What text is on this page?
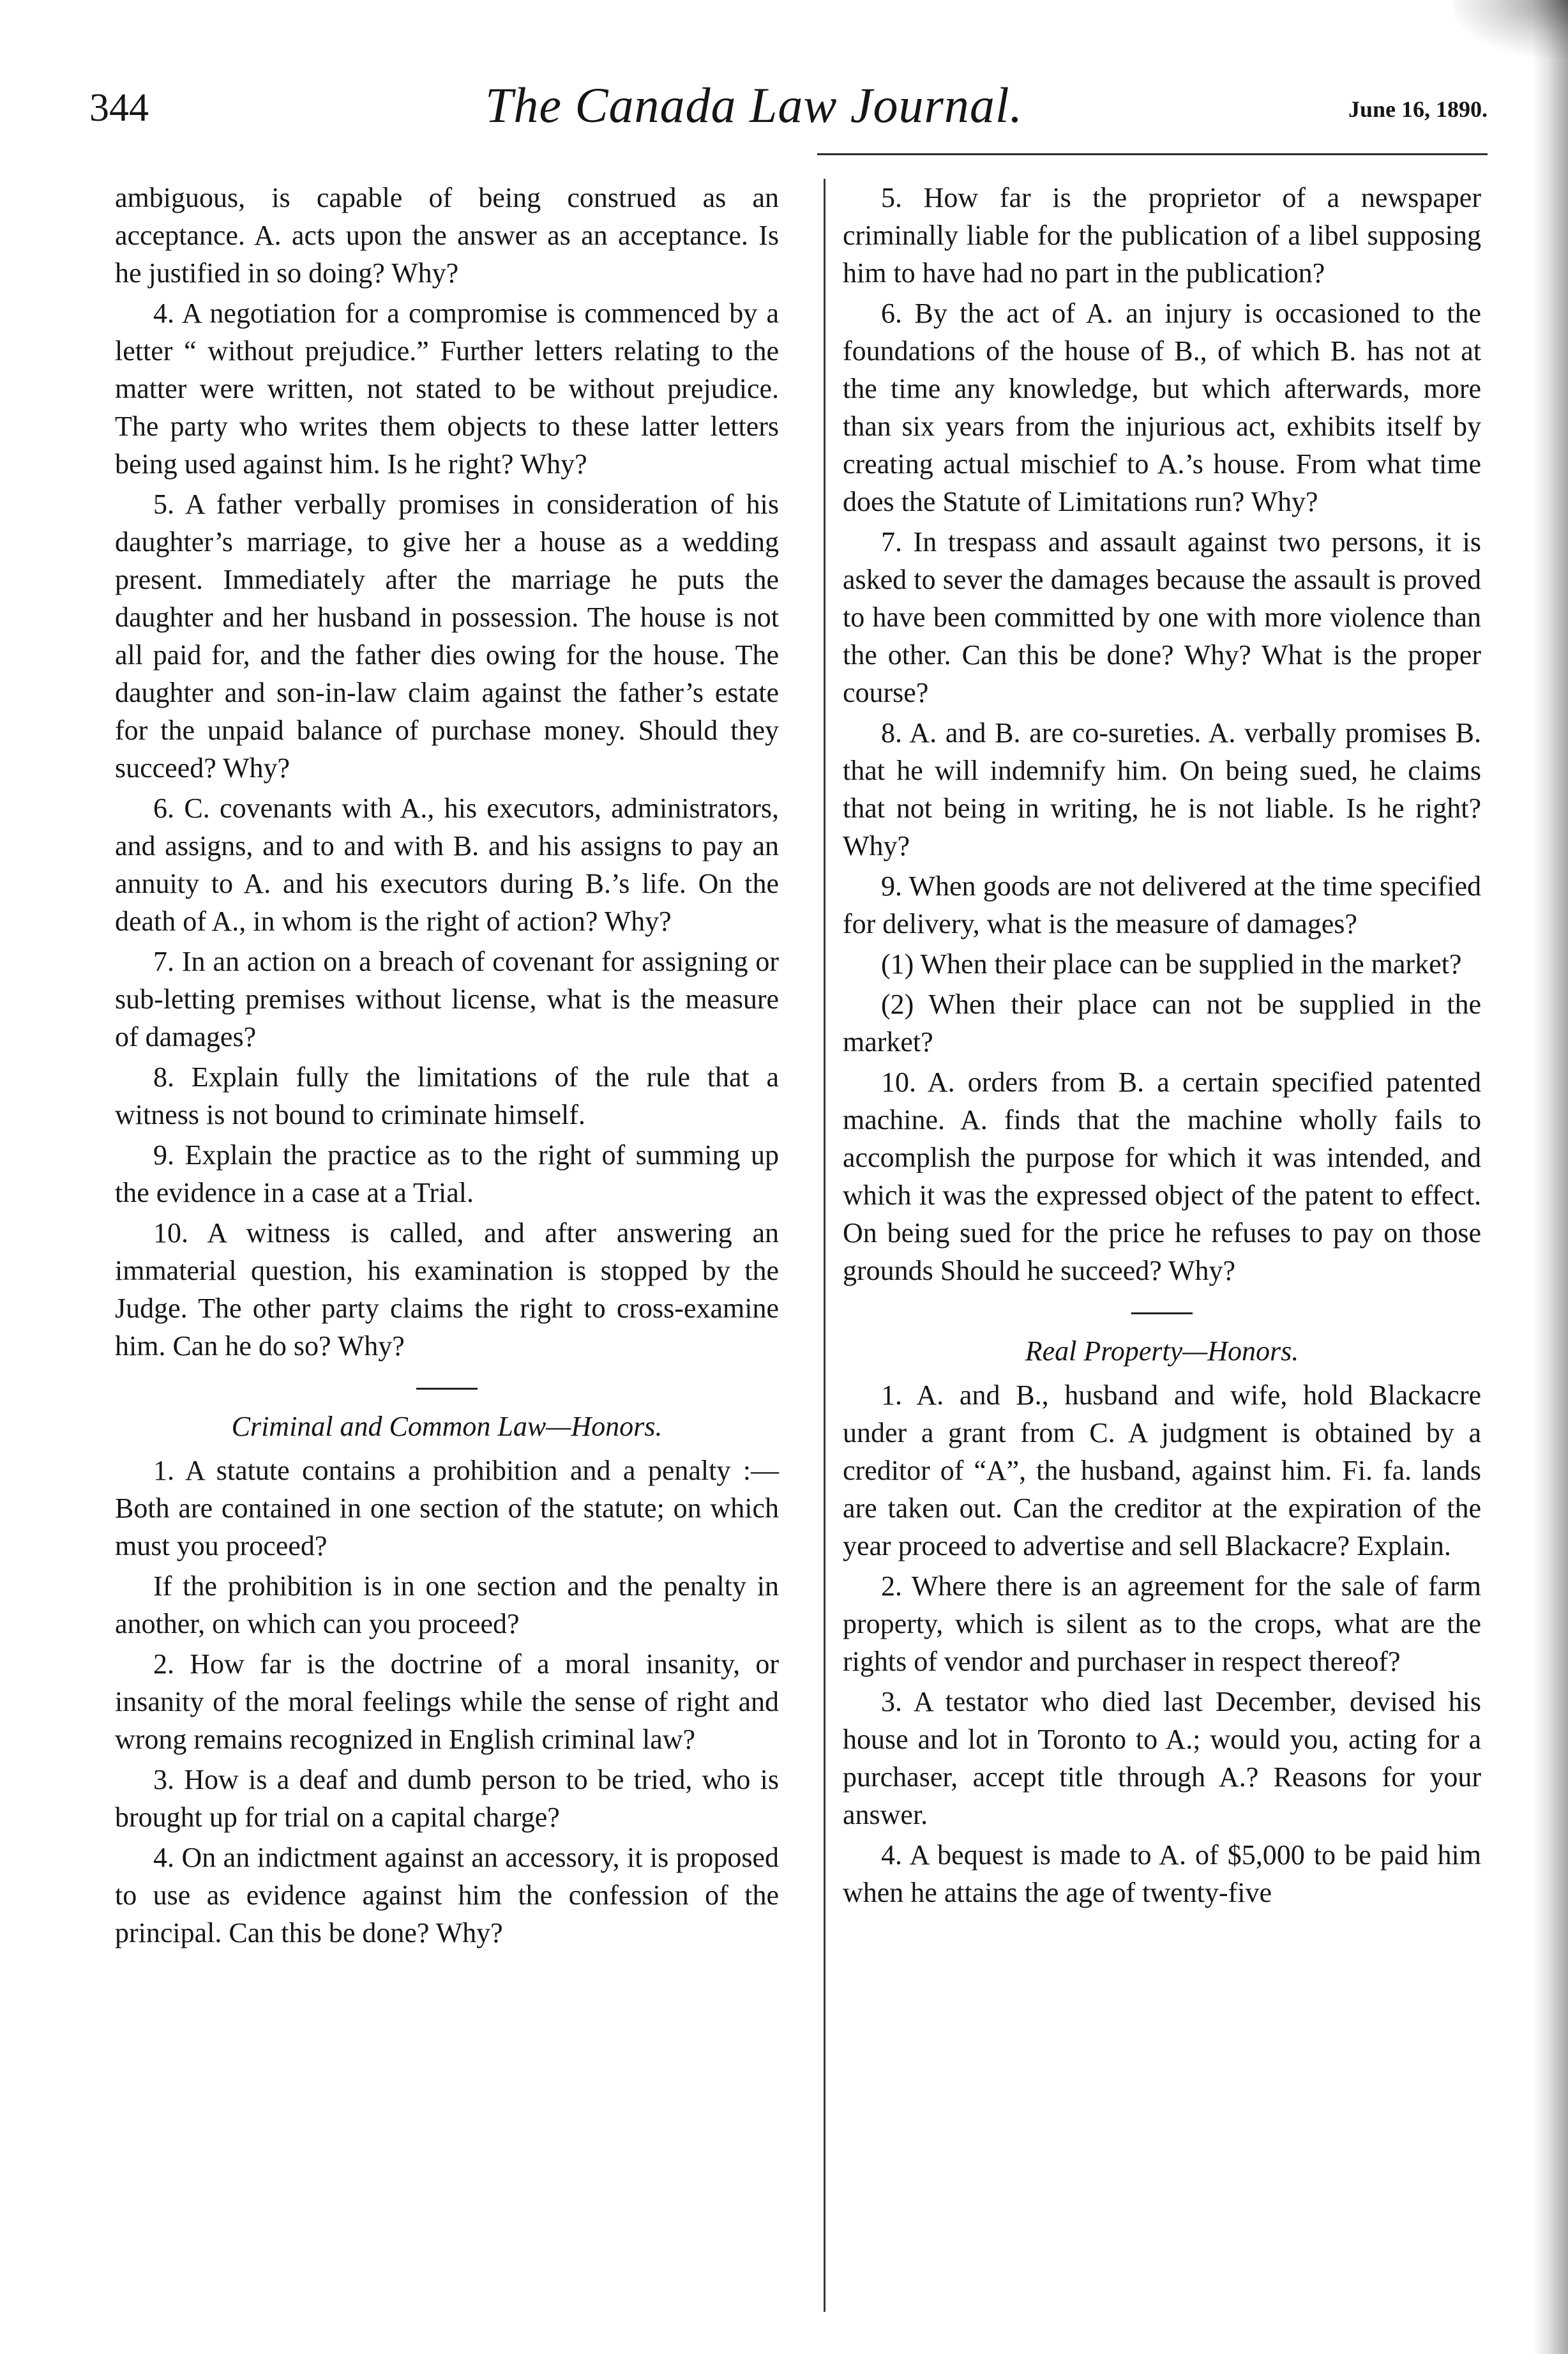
344	The Canada Law Journal.	June 16, 1890.

ambiguous, is capable of being construed as an acceptance. A. acts upon the answer as an acceptance. Is he justified in so doing? Why?

4. A negotiation for a compromise is commenced by a letter “ without prejudice.” Further letters relating to the matter were written, not stated to be without prejudice. The party who writes them objects to these latter letters being used against him. Is he right? Why?

5. A father verbally promises in consideration of his daughter’s marriage, to give her a house as a wedding present. Immediately after the marriage he puts the daughter and her husband in possession. The house is not all paid for, and the father dies owing for the house. The daughter and son-in-law claim against the father’s estate for the unpaid balance of purchase money. Should they succeed? Why?

6. C. covenants with A., his executors, administrators, and assigns, and to and with B. and his assigns to pay an annuity to A. and his executors during B.’s life. On the death of A., in whom is the right of action? Why?

7. In an action on a breach of covenant for assigning or sub-letting premises without license, what is the measure of damages?

8. Explain fully the limitations of the rule that a witness is not bound to criminate himself.

9. Explain the practice as to the right of summing up the evidence in a case at a Trial.

10. A witness is called, and after answering an immaterial question, his examination is stopped by the Judge. The other party claims the right to cross-examine him. Can he do so? Why?

Criminal and Common Law—Honors.

1. A statute contains a prohibition and a penalty :—Both are contained in one section of the statute; on which must you proceed?

If the prohibition is in one section and the penalty in another, on which can you proceed?

2. How far is the doctrine of a moral insanity, or insanity of the moral feelings while the sense of right and wrong remains recognized in English criminal law?

3. How is a deaf and dumb person to be tried, who is brought up for trial on a capital charge?

4. On an indictment against an accessory, it is proposed to use as evidence against him the confession of the principal. Can this be done? Why?

5. How far is the proprietor of a newspaper criminally liable for the publication of a libel supposing him to have had no part in the publication?

6. By the act of A. an injury is occasioned to the foundations of the house of B., of which B. has not at the time any knowledge, but which afterwards, more than six years from the injurious act, exhibits itself by creating actual mischief to A.’s house. From what time does the Statute of Limitations run? Why?

7. In trespass and assault against two persons, it is asked to sever the damages because the assault is proved to have been committed by one with more violence than the other. Can this be done? Why? What is the proper course?

8. A. and B. are co-sureties. A. verbally promises B. that he will indemnify him. On being sued, he claims that not being in writing, he is not liable. Is he right? Why?

9. When goods are not delivered at the time specified for delivery, what is the measure of damages?

(1) When their place can be supplied in the market?

(2) When their place can not be supplied in the market?

10. A. orders from B. a certain specified patented machine. A. finds that the machine wholly fails to accomplish the purpose for which it was intended, and which it was the expressed object of the patent to effect. On being sued for the price he refuses to pay on those grounds Should he succeed? Why?

Real Property—Honors.

1. A. and B., husband and wife, hold Blackacre under a grant from C. A judgment is obtained by a creditor of “A”, the husband, against him. Fi. fa. lands are taken out. Can the creditor at the expiration of the year proceed to advertise and sell Blackacre? Explain.

2. Where there is an agreement for the sale of farm property, which is silent as to the crops, what are the rights of vendor and purchaser in respect thereof?

3. A testator who died last December, devised his house and lot in Toronto to A.; would you, acting for a purchaser, accept title through A.? Reasons for your answer.

4. A bequest is made to A. of $5,000 to be paid him when he attains the age of twenty-five
